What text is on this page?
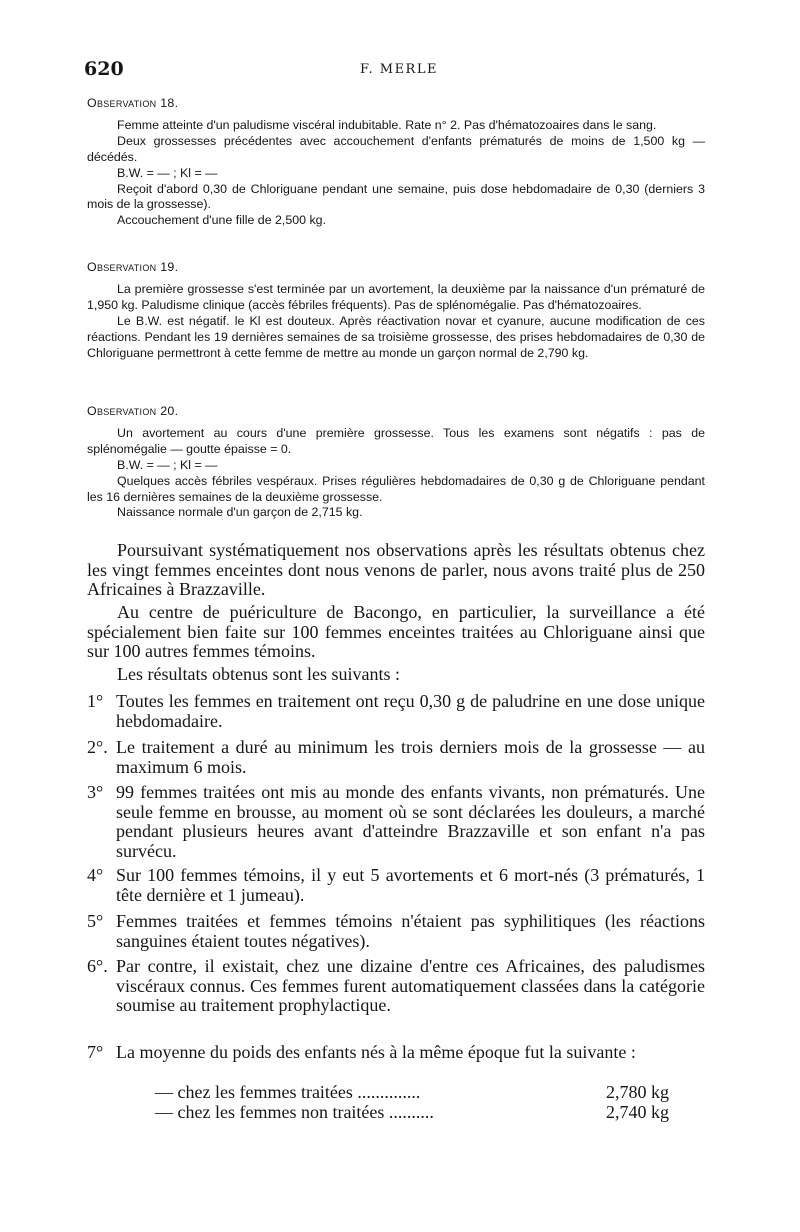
620	F. MERLE
Observation 18.

Femme atteinte d'un paludisme viscéral indubitable. Rate n° 2. Pas d'hématozoaires dans le sang.

Deux grossesses précédentes avec accouchement d'enfants prématurés de moins de 1,500 kg — décédés.

B.W. = — ; Kl = —

Reçoit d'abord 0,30 de Chloriguane pendant une semaine, puis dose hebdomadaire de 0,30 (derniers 3 mois de la grossesse).

Accouchement d'une fille de 2,500 kg.

Observation 19.

La première grossesse s'est terminée par un avortement, la deuxième par la naissance d'un prématuré de 1,950 kg. Paludisme clinique (accès fébriles fréquents). Pas de splénomégalie. Pas d'hématozoaires.

Le B.W. est négatif. le Kl est douteux. Après réactivation novar et cyanure, aucune modification de ces réactions. Pendant les 19 dernières semaines de sa troisième grossesse, des prises hebdomadaires de 0,30 de Chloriguane permettront à cette femme de mettre au monde un garçon normal de 2,790 kg.

Observation 20.

Un avortement au cours d'une première grossesse. Tous les examens sont négatifs : pas de splénomégalie — goutte épaisse = 0.

B.W. = — ; Kl = —

Quelques accès fébriles vespéraux. Prises régulières hebdomadaires de 0,30 g de Chloriguane pendant les 16 dernières semaines de la deuxième grossesse.

Naissance normale d'un garçon de 2,715 kg.

Poursuivant systématiquement nos observations après les résultats obtenus chez les vingt femmes enceintes dont nous venons de parler, nous avons traité plus de 250 Africaines à Brazzaville.

Au centre de puériculture de Bacongo, en particulier, la surveillance a été spécialement bien faite sur 100 femmes enceintes traitées au Chloriguane ainsi que sur 100 autres femmes témoins.

Les résultats obtenus sont les suivants :

1° Toutes les femmes en traitement ont reçu 0,30 g de paludrine en une dose unique hebdomadaire.
2°. Le traitement a duré au minimum les trois derniers mois de la grossesse — au maximum 6 mois.
3° 99 femmes traitées ont mis au monde des enfants vivants, non prématurés. Une seule femme en brousse, au moment où se sont déclarées les douleurs, a marché pendant plusieurs heures avant d'atteindre Brazzaville et son enfant n'a pas survécu.
4° Sur 100 femmes témoins, il y eut 5 avortements et 6 mort-nés (3 prématurés, 1 tête dernière et 1 jumeau).
5° Femmes traitées et femmes témoins n'étaient pas syphilitiques (les réactions sanguines étaient toutes négatives).
6°. Par contre, il existait, chez une dizaine d'entre ces Africaines, des paludismes viscéraux connus. Ces femmes furent automatiquement classées dans la catégorie soumise au traitement prophylactique.
7° La moyenne du poids des enfants nés à la même époque fut la suivante :
— chez les femmes traitées ..............	2,780 kg
— chez les femmes non traitées ..........	2,740 kg
